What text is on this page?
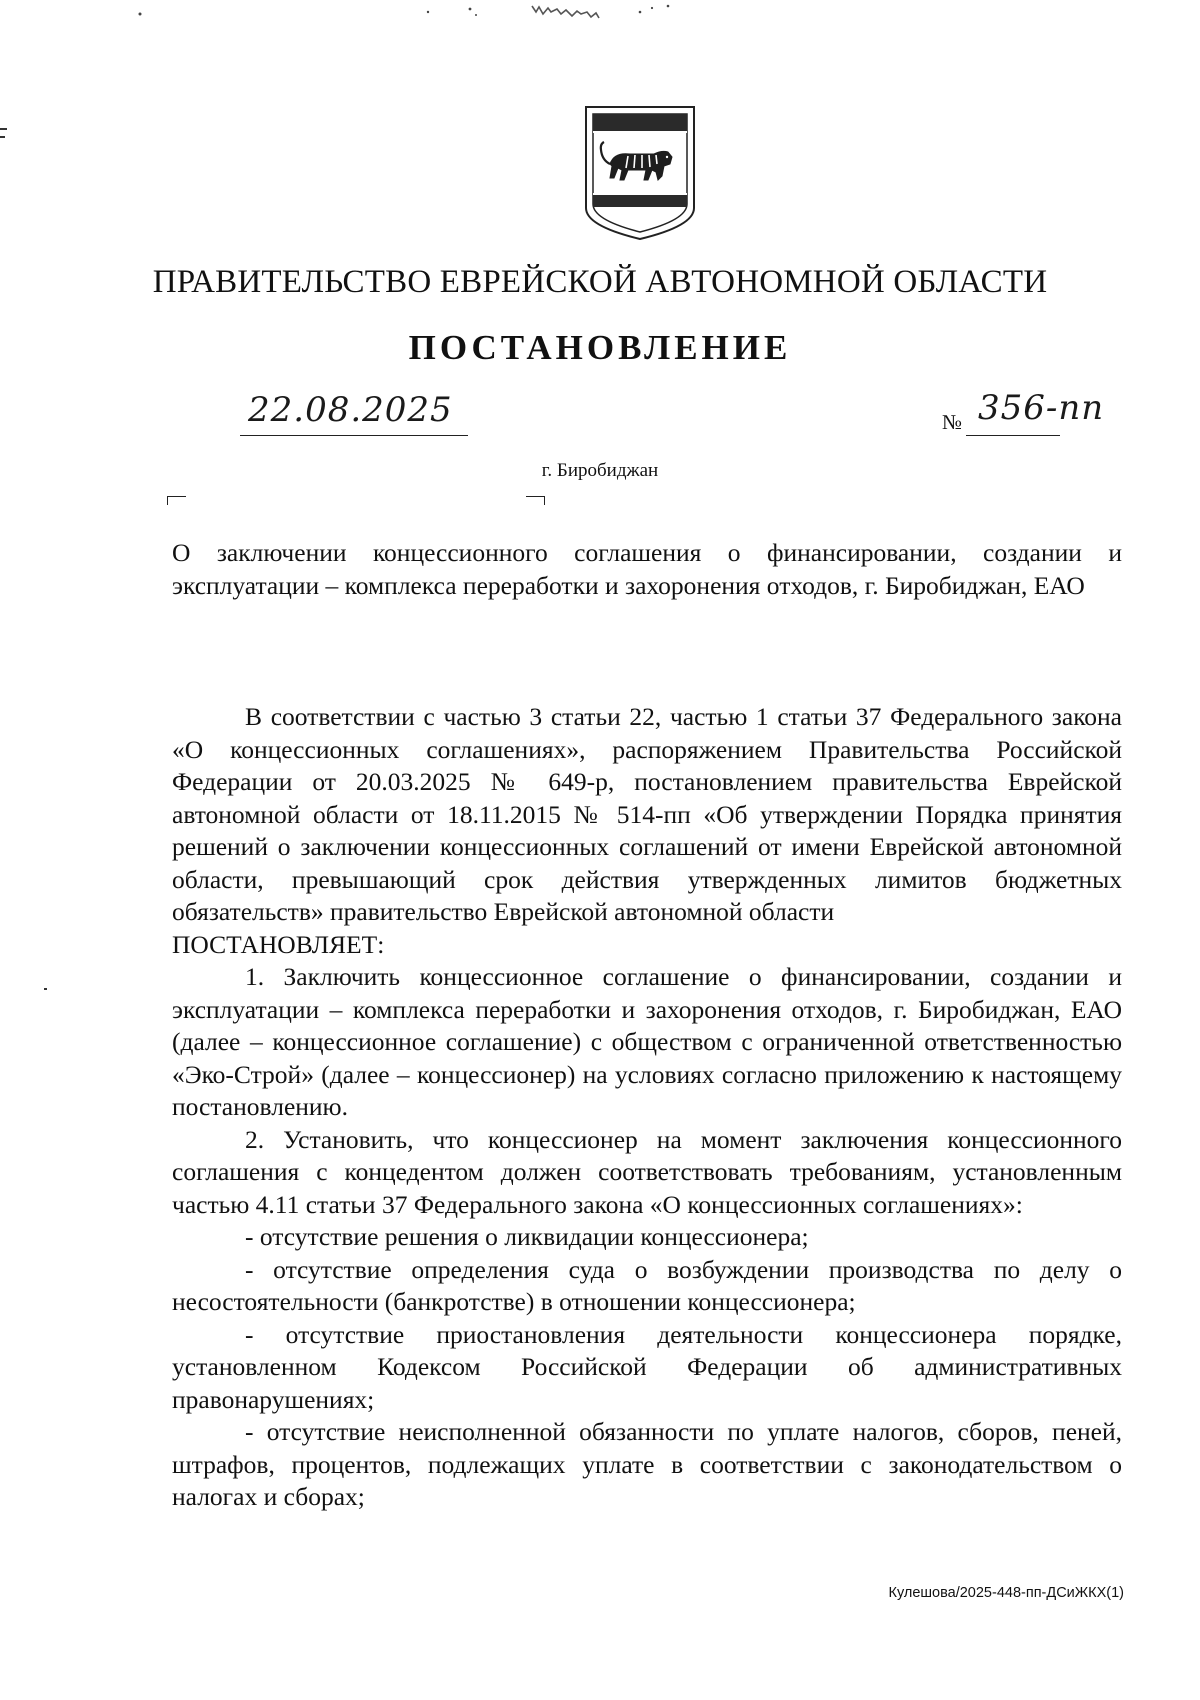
ПРАВИТЕЛЬСТВО ЕВРЕЙСКОЙ АВТОНОМНОЙ ОБЛАСТИ
ПОСТАНОВЛЕНИЕ
22.08.2025	№ 356-пп
г. Биробиджан
О заключении концессионного соглашения о финансировании, создании и эксплуатации – комплекса переработки и захоронения отходов, г. Биробиджан, ЕАО

В соответствии с частью 3 статьи 22, частью 1 статьи 37 Федерального закона «О концессионных соглашениях», распоряжением Правительства Российской Федерации от 20.03.2025 № 649-р, постановлением правительства Еврейской автономной области от 18.11.2015 № 514-пп «Об утверждении Порядка принятия решений о заключении концессионных соглашений от имени Еврейской автономной области, превышающий срок действия утвержденных лимитов бюджетных обязательств» правительство Еврейской автономной области

ПОСТАНОВЛЯЕТ:

1. Заключить концессионное соглашение о финансировании, создании и эксплуатации – комплекса переработки и захоронения отходов, г. Биробиджан, ЕАО (далее – концессионное соглашение) с обществом с ограниченной ответственностью «Эко-Строй» (далее – концессионер) на условиях согласно приложению к настоящему постановлению.

2. Установить, что концессионер на момент заключения концессионного соглашения с концедентом должен соответствовать требованиям, установленным частью 4.11 статьи 37 Федерального закона «О концессионных соглашениях»:

- отсутствие решения о ликвидации концессионера;

- отсутствие определения суда о возбуждении производства по делу о несостоятельности (банкротстве) в отношении концессионера;

- отсутствие приостановления деятельности концессионера порядке, установленном Кодексом Российской Федерации об административных правонарушениях;

- отсутствие неисполненной обязанности по уплате налогов, сборов, пеней, штрафов, процентов, подлежащих уплате в соответствии с законодательством о налогах и сборах;

Кулешова/2025-448-пп-ДСиЖКХ(1)
